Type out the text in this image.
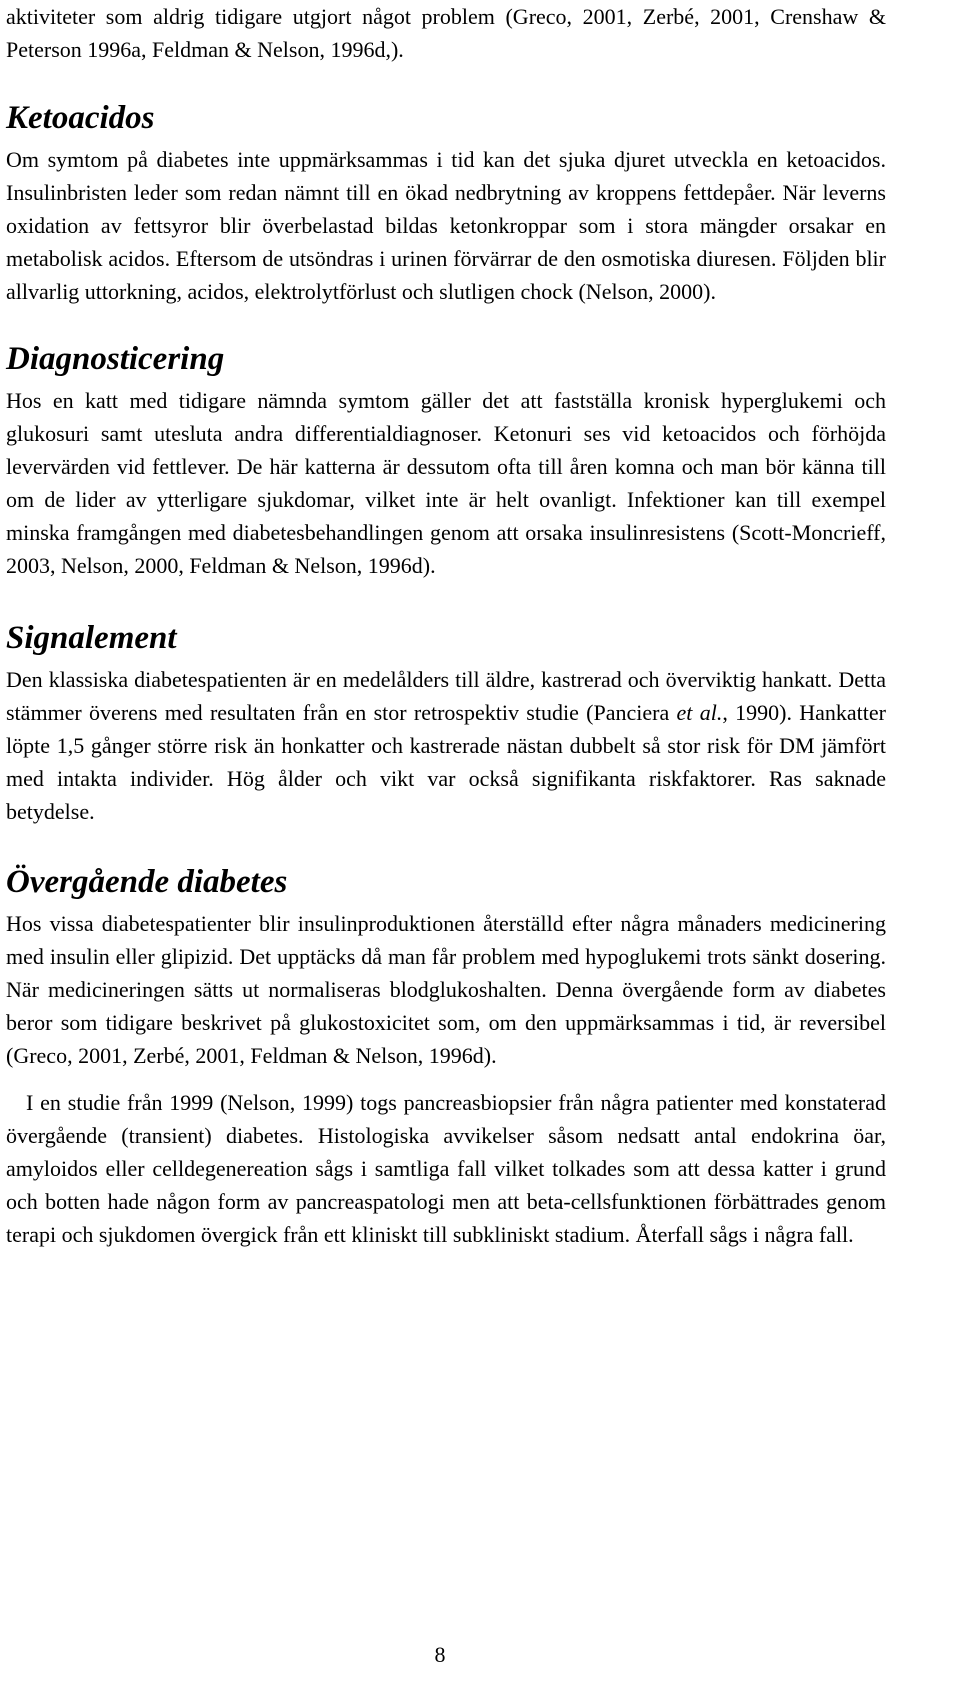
aktiviteter som aldrig tidigare utgjort något problem (Greco, 2001, Zerbé, 2001, Crenshaw & Peterson 1996a, Feldman & Nelson, 1996d,).

Ketoacidos

Om symtom på diabetes inte uppmärksammas i tid kan det sjuka djuret utveckla en ketoacidos. Insulinbristen leder som redan nämnt till en ökad nedbrytning av kroppens fettdepåer. När leverns oxidation av fettsyror blir överbelastad bildas ketonkroppar som i stora mängder orsakar en metabolisk acidos. Eftersom de utsöndras i urinen förvärrar de den osmotiska diuresen. Följden blir allvarlig uttorkning, acidos, elektrolytförlust och slutligen chock (Nelson, 2000).

Diagnosticering

Hos en katt med tidigare nämnda symtom gäller det att fastställa kronisk hyperglukemi och glukosuri samt utesluta andra differentialdiagnoser. Ketonuri ses vid ketoacidos och förhöjda levervärden vid fettlever. De här katterna är dessutom ofta till åren komna och man bör känna till om de lider av ytterligare sjukdomar, vilket inte är helt ovanligt. Infektioner kan till exempel minska framgången med diabetesbehandlingen genom att orsaka insulinresistens (Scott-Moncrieff, 2003, Nelson, 2000, Feldman & Nelson, 1996d).

Signalement

Den klassiska diabetespatienten är en medelålders till äldre, kastrerad och överviktig hankatt. Detta stämmer överens med resultaten från en stor retrospektiv studie (Panciera et al., 1990). Hankatter löpte 1,5 gånger större risk än honkatter och kastrerade nästan dubbelt så stor risk för DM jämfört med intakta individer. Hög ålder och vikt var också signifikanta riskfaktorer. Ras saknade betydelse.

Övergående diabetes

Hos vissa diabetespatienter blir insulinproduktionen återställd efter några månaders medicinering med insulin eller glipizid. Det upptäcks då man får problem med hypoglukemi trots sänkt dosering. När medicineringen sätts ut normaliseras blodglukoshalten. Denna övergående form av diabetes beror som tidigare beskrivet på glukostoxicitet som, om den uppmärksammas i tid, är reversibel (Greco, 2001, Zerbé, 2001, Feldman & Nelson, 1996d).

I en studie från 1999 (Nelson, 1999) togs pancreasbiopsier från några patienter med konstaterad övergående (transient) diabetes. Histologiska avvikelser såsom nedsatt antal endokrina öar, amyloidos eller celldegenereation sågs i samtliga fall vilket tolkades som att dessa katter i grund och botten hade någon form av pancreaspatologi men att beta-cellsfunktionen förbättrades genom terapi och sjukdomen övergick från ett kliniskt till subkliniskt stadium. Återfall sågs i några fall.

8
